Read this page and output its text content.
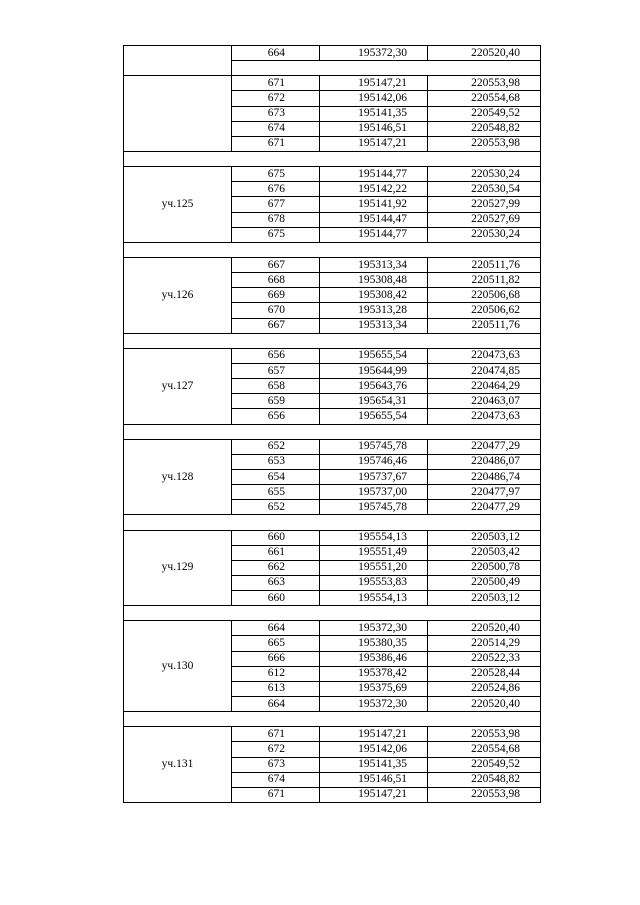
	664	195372,30	220520,40

	671	195147,21	220553,98
	672	195142,06	220554,68
	673	195141,35	220549,52
	674	195146,51	220548,82
	671	195147,21	220553,98

уч.125	675	195144,77	220530,24
	676	195142,22	220530,54
	677	195141,92	220527,99
	678	195144,47	220527,69
	675	195144,77	220530,24

уч.126	667	195313,34	220511,76
	668	195308,48	220511,82
	669	195308,42	220506,68
	670	195313,28	220506,62
	667	195313,34	220511,76

уч.127	656	195655,54	220473,63
	657	195644,99	220474,85
	658	195643,76	220464,29
	659	195654,31	220463,07
	656	195655,54	220473,63

уч.128	652	195745,78	220477,29
	653	195746,46	220486,07
	654	195737,67	220486,74
	655	195737,00	220477,97
	652	195745,78	220477,29

уч.129	660	195554,13	220503,12
	661	195551,49	220503,42
	662	195551,20	220500,78
	663	195553,83	220500,49
	660	195554,13	220503,12

уч.130	664	195372,30	220520,40
	665	195380,35	220514,29
	666	195386,46	220522,33
	612	195378,42	220528,44
	613	195375,69	220524,86
	664	195372,30	220520,40

уч.131	671	195147,21	220553,98
	672	195142,06	220554,68
	673	195141,35	220549,52
	674	195146,51	220548,82
	671	195147,21	220553,98
